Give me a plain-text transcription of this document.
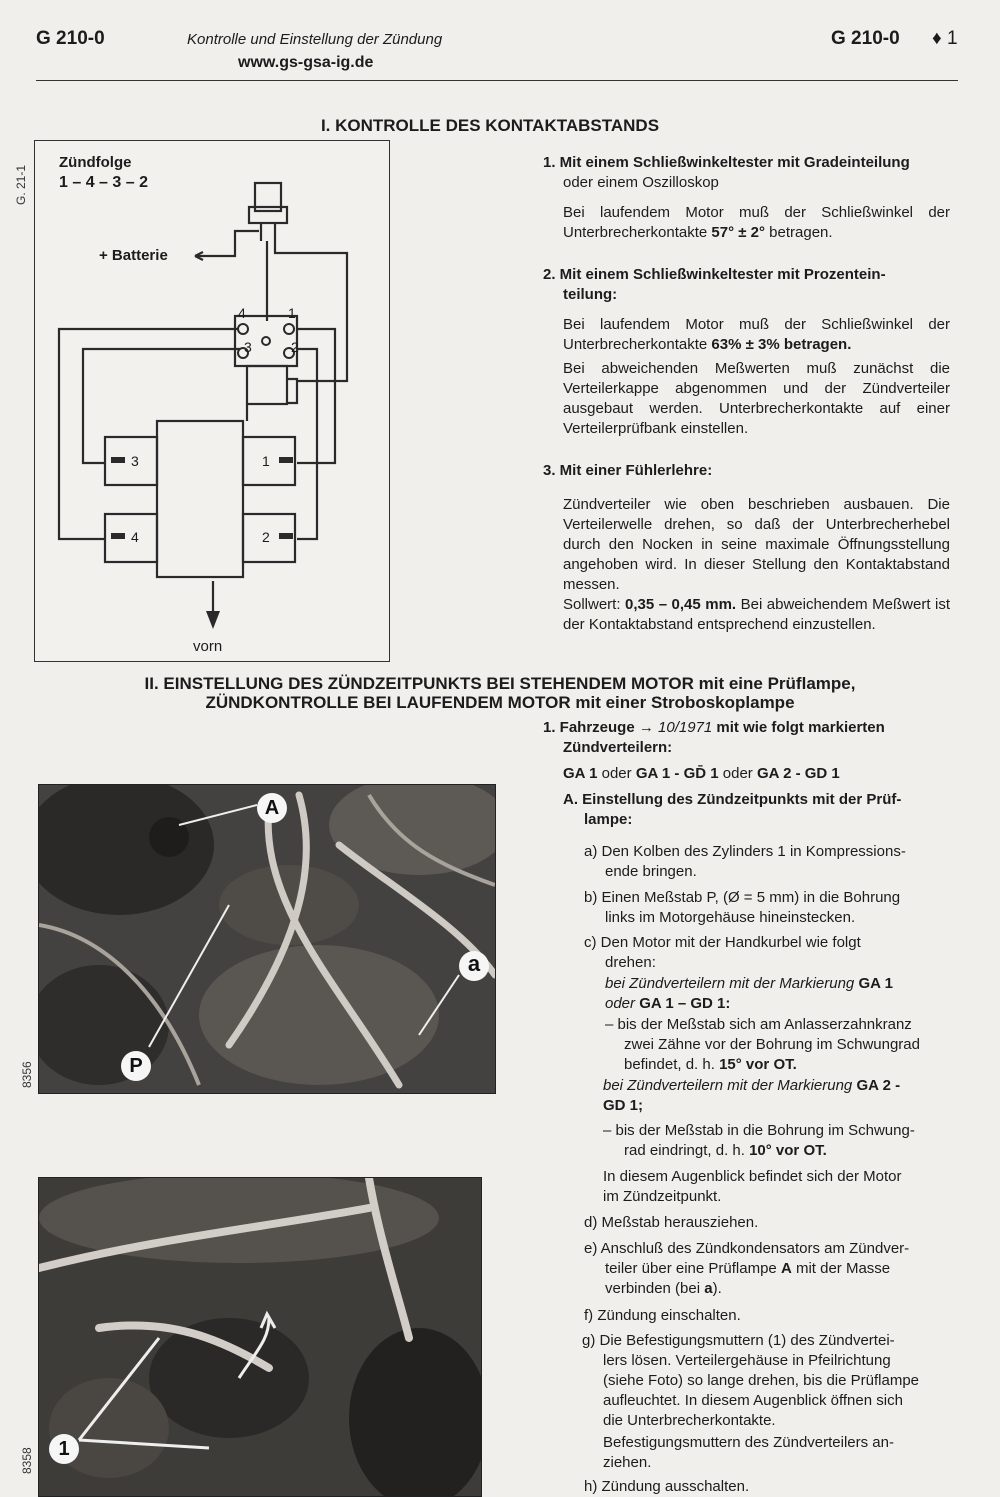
G 210-0	Kontrolle und Einstellung der Zündung	G 210-0 ♦ 1
www.gs-gsa-ig.de
G. 21-1
I. KONTROLLE DES KONTAKTABSTANDS
Zündfolge
1 – 4 – 3 – 2
+ Batterie
vorn
4	1
3	2
3	1
4	2

1. Mit einem Schließwinkeltester mit Gradeinteilung

oder einem Oszilloskop

Bei laufendem Motor muß der Schließwinkel der Unterbrecherkontakte 57° ± 2° betragen.

2. Mit einem Schließwinkeltester mit Prozentein-

teilung:

Bei laufendem Motor muß der Schließwinkel der Unterbrecherkontakte 63% ± 3% betragen.

Bei abweichenden Meßwerten muß zunächst die Verteilerkappe abgenommen und der Zündverteiler ausgebaut werden. Unterbrecherkontakte auf einer Verteilerprüfbank einstellen.

3. Mit einer Fühlerlehre:

Zündverteiler wie oben beschrieben ausbauen. Die Verteilerwelle drehen, so daß der Unterbrecherhebel durch den Nocken in seine maximale Öffnungsstellung angehoben wird. In dieser Stellung den Kontaktabstand messen.

Sollwert: 0,35 – 0,45 mm. Bei abweichendem Meßwert ist der Kontaktabstand entsprechend einzustellen.

II. EINSTELLUNG DES ZÜNDZEITPUNKTS BEI STEHENDEM MOTOR mit eine Prüflampe,
ZÜNDKONTROLLE BEI LAUFENDEM MOTOR mit einer Stroboskoplampe
A
a
P
8356
1
8358
1. Fahrzeuge → 10/1971 mit wie folgt markierten
Zündverteilern:
GA 1 oder GA 1 - GD̄ 1 oder GA 2 - GD 1
A. Einstellung des Zündzeitpunkts mit der Prüf-
lampe:
a) Den Kolben des Zylinders 1 in Kompressions-
ende bringen.
b) Einen Meßstab P, (Ø = 5 mm) in die Bohrung
links im Motorgehäuse hineinstecken.
c) Den Motor mit der Handkurbel wie folgt
drehen:
bei Zündverteilern mit der Markierung GA 1
oder GA 1 – GD 1:
– bis der Meßstab sich am Anlasserzahnkranz
zwei Zähne vor der Bohrung im Schwungrad
befindet, d. h. 15° vor OT.
bei Zündverteilern mit der Markierung GA 2 -
GD 1;
– bis der Meßstab in die Bohrung im Schwung-
rad eindringt, d. h. 10° vor OT.
In diesem Augenblick befindet sich der Motor
im Zündzeitpunkt.
d) Meßstab herausziehen.
e) Anschluß des Zündkondensators am Zündver-
teiler über eine Prüflampe A mit der Masse
verbinden (bei a).
f) Zündung einschalten.
g) Die Befestigungsmuttern (1) des Zündvertei-
lers lösen. Verteilergehäuse in Pfeilrichtung
(siehe Foto) so lange drehen, bis die Prüflampe
aufleuchtet. In diesem Augenblick öffnen sich
die Unterbrecherkontakte.
Befestigungsmuttern des Zündverteilers an-
ziehen.
h) Zündung ausschalten.
